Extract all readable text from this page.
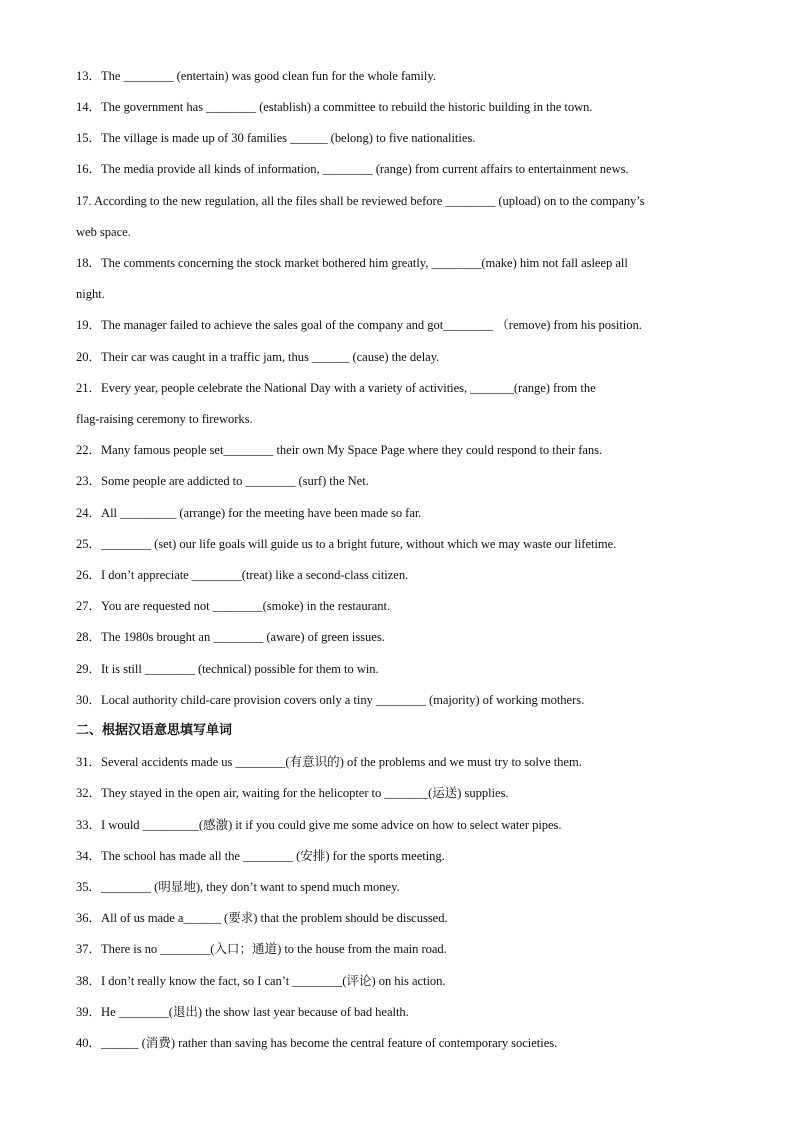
13．The ________ (entertain) was good clean fun for the whole family.
14．The government has ________ (establish) a committee to rebuild the historic building in the town.
15．The village is made up of 30 families ______ (belong) to five nationalities.
16．The media provide all kinds of information, ________ (range) from current affairs to entertainment news.
17. According to the new regulation, all the files shall be reviewed before ________ (upload) on to the company’s
web space.
18．The comments concerning the stock market bothered him greatly, ________(make) him not fall asleep all
night.
19．The manager failed to achieve the sales goal of the company and got________ （remove) from his position.
20．Their car was caught in a traffic jam, thus ______ (cause) the delay.
21．Every year, people celebrate the National Day with a variety of activities, _______(range) from the
flag-raising ceremony to fireworks.
22．Many famous people set________ their own My Space Page where they could respond to their fans.
23．Some people are addicted to ________ (surf) the Net.
24．All _________ (arrange) for the meeting have been made so far.
25．________ (set) our life goals will guide us to a bright future, without which we may waste our lifetime.
26．I don’t appreciate ________(treat) like a second-class citizen.
27．You are requested not ________(smoke) in the restaurant.
28．The 1980s brought an ________ (aware) of green issues.
29．It is still ________ (technical) possible for them to win.
30．Local authority child-care provision covers only a tiny ________ (majority) of working mothers.
二、根据汉语意思填写单词
31．Several accidents made us ________(有意识的) of the problems and we must try to solve them.
32．They stayed in the open air, waiting for the helicopter to _______(运送) supplies.
33．I would _________(感激) it if you could give me some advice on how to select water pipes.
34．The school has made all the ________ (安排) for the sports meeting.
35．________ (明显地), they don’t want to spend much money.
36．All of us made a______ (要求) that the problem should be discussed.
37．There is no ________(入口；通道) to the house from the main road.
38．I don’t really know the fact, so I can’t ________(评论) on his action.
39．He ________(退出) the show last year because of bad health.
40．______ (消费) rather than saving has become the central feature of contemporary societies.
